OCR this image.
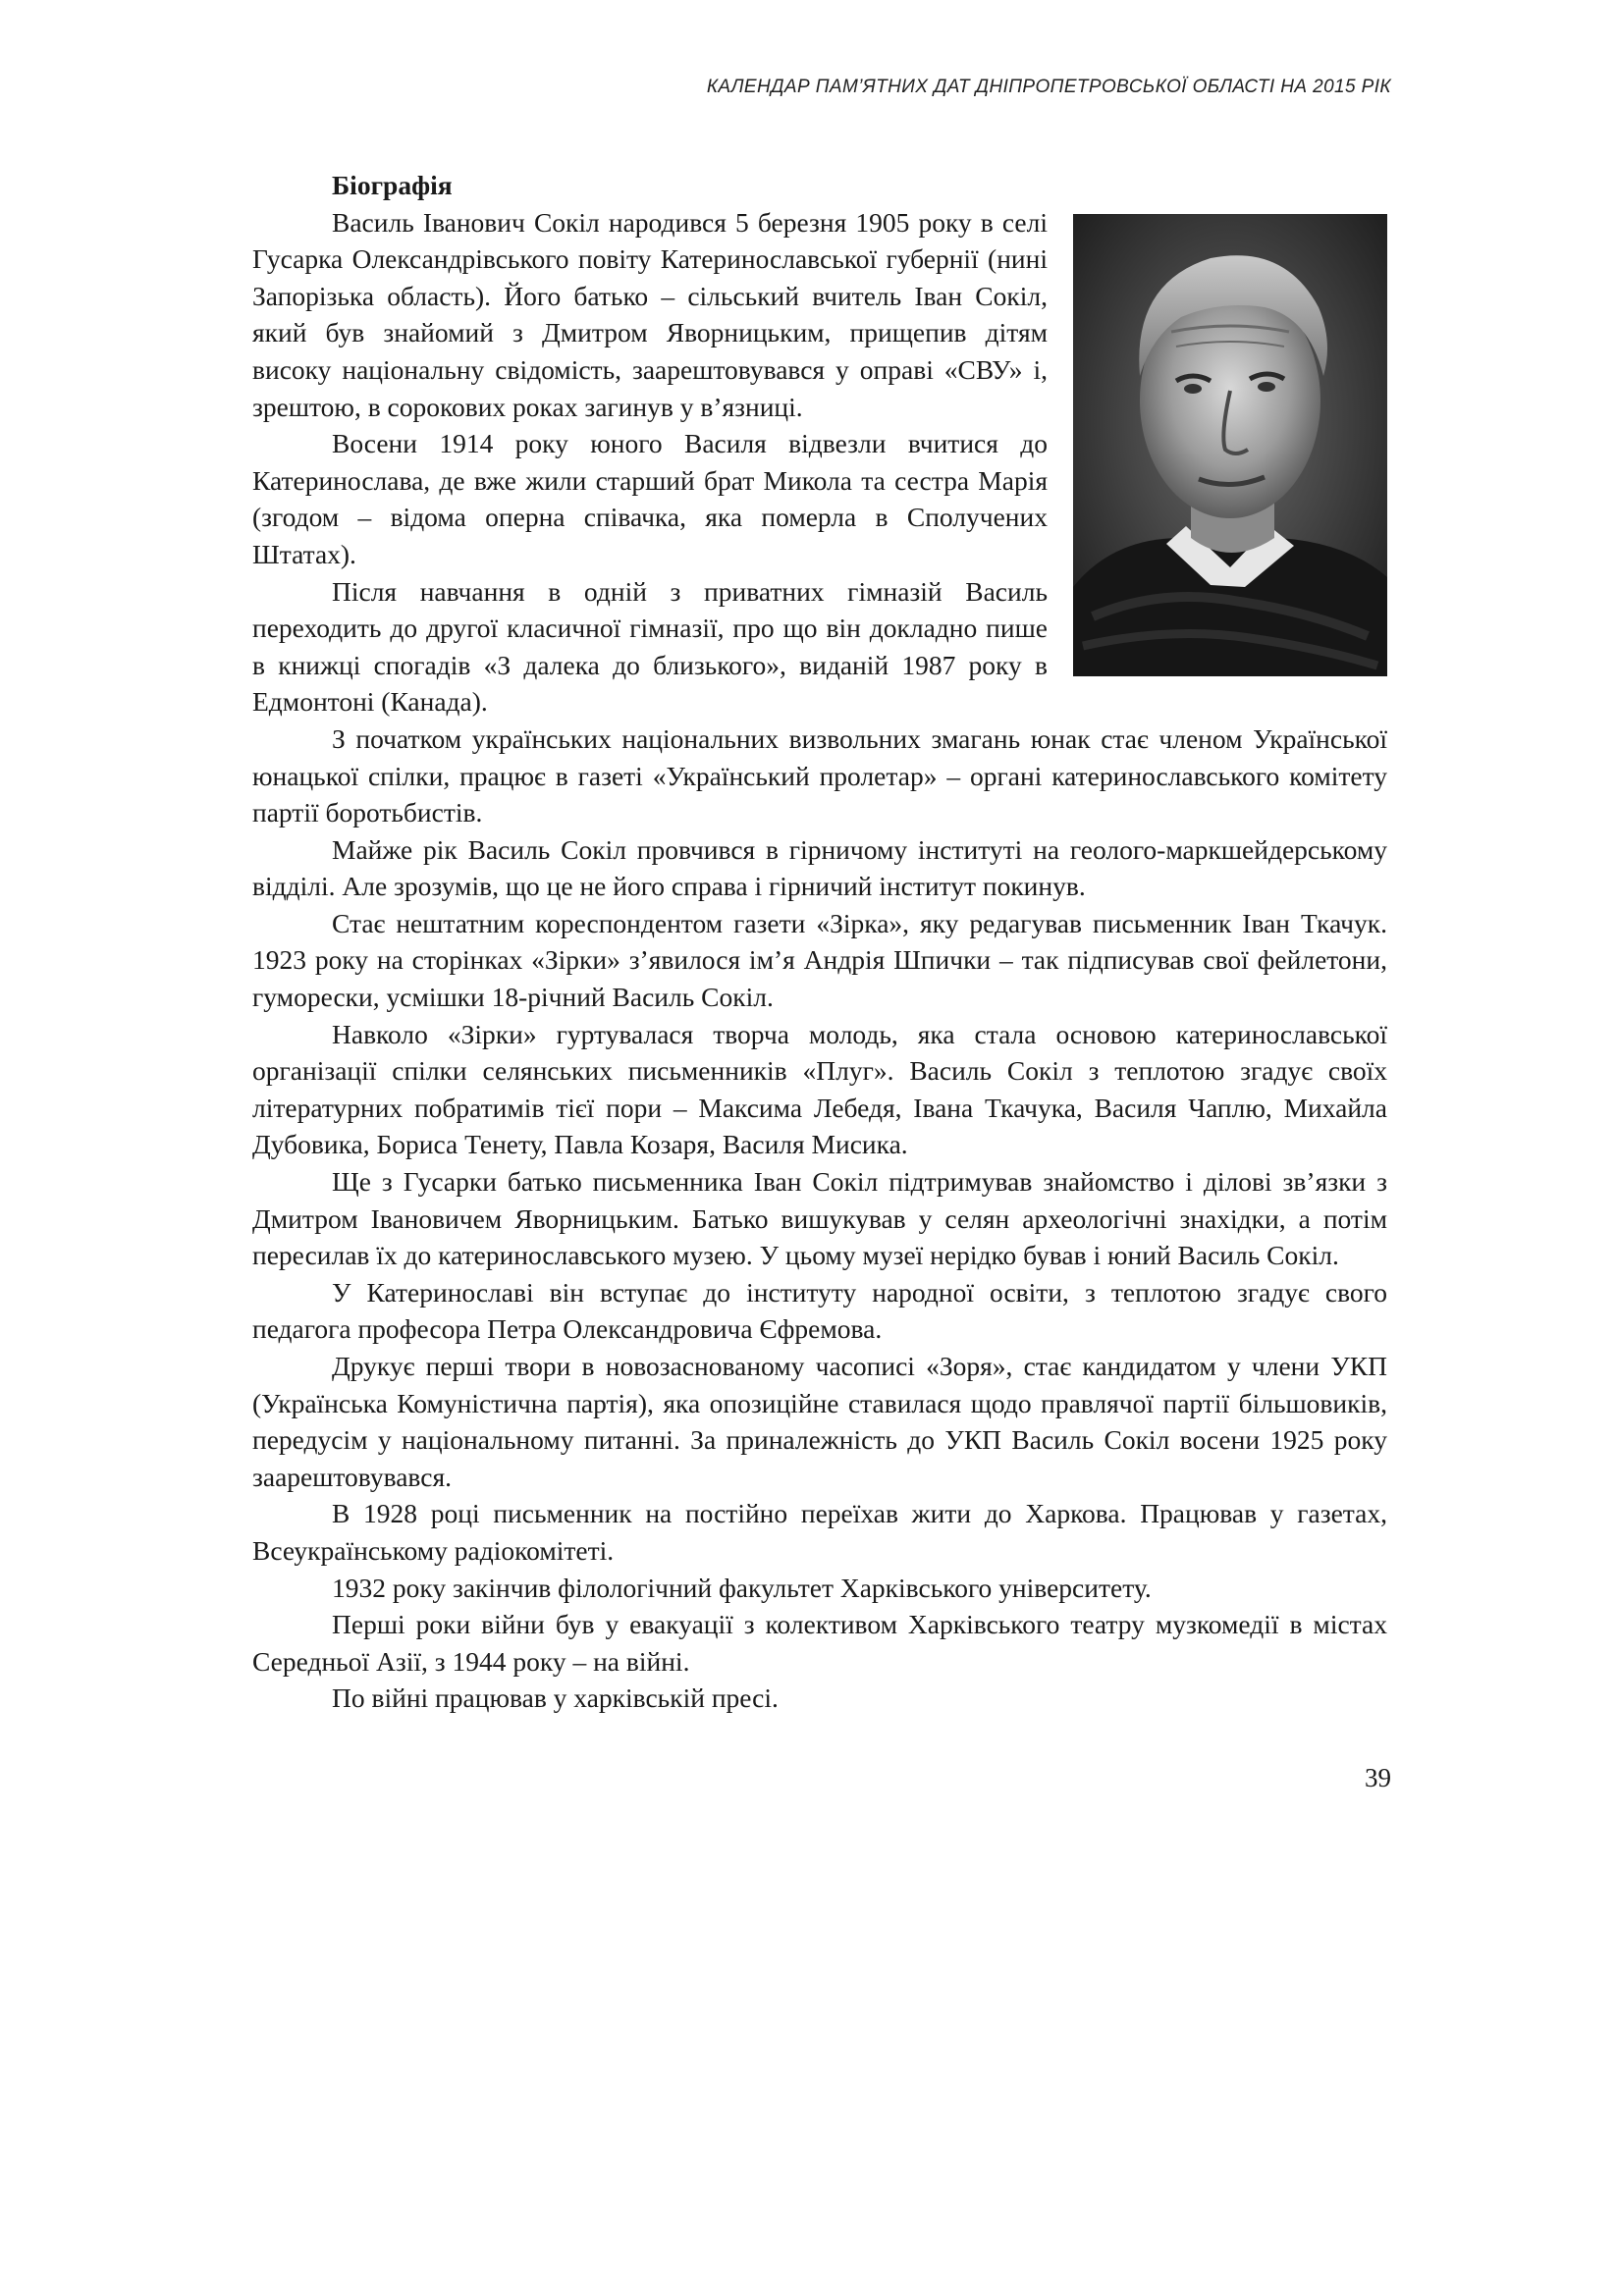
КАЛЕНДАР ПАМ’ЯТНИХ ДАТ ДНІПРОПЕТРОВСЬКОЇ ОБЛАСТІ НА 2015 РІК
Біографія

Василь Іванович Сокіл народився 5 березня 1905 року в селі Гусарка Олександрівського повіту Катеринославської губернії (нині Запорізька область). Його батько – сільський вчитель Іван Сокіл, який був знайомий з Дмитром Яворницьким, прищепив дітям високу національну свідомість, заарештовувався у оправі «СВУ» і, зрештою, в сорокових роках загинув у в’язниці.

Восени 1914 року юного Василя відвезли вчитися до Катеринослава, де вже жили старший брат Микола та сестра Марія (згодом – відома оперна співачка, яка померла в Сполучених Штатах).

Після навчання в одній з приватних гімназій Василь переходить до другої класичної гімназії, про що він докладно пише в книжці спогадів «З далека до близького», виданій 1987 року в Едмонтоні (Канада).

З початком українських національних визвольних змагань юнак стає членом Української юнацької спілки, працює в газеті «Український пролетар» – органі катеринославського комітету партії боротьбистів.

Майже рік Василь Сокіл провчився в гірничому інституті на геолого-маркшейдерському відділі. Але зрозумів, що це не його справа і гірничий інститут покинув.

Стає нештатним кореспондентом газети «Зірка», яку редагував письменник Іван Ткачук. 1923 року на сторінках «Зірки» з’явилося ім’я Андрія Шпички – так підписував свої фейлетони, гуморески, усмішки 18-річний Василь Сокіл.

Навколо «Зірки» гуртувалася творча молодь, яка стала основою катеринославської організації спілки селянських письменників «Плуг». Василь Сокіл з теплотою згадує своїх літературних побратимів тієї пори – Максима Лебедя, Івана Ткачука, Василя Чаплю, Михайла Дубовика, Бориса Тенету, Павла Козаря, Василя Мисика.

Ще з Гусарки батько письменника Іван Сокіл підтримував знайомство і ділові зв’язки з Дмитром Івановичем Яворницьким. Батько вишукував у селян археологічні знахідки, а потім пересилав їх до катеринославського музею. У цьому музеї нерідко бував і юний Василь Сокіл.

У Катеринославі він вступає до інституту народної освіти, з теплотою згадує свого педагога професора Петра Олександровича Єфремова.

Друкує перші твори в новозаснованому часописі «Зоря», стає кандидатом у члени УКП (Українська Комуністична партія), яка опозиційне ставилася щодо правлячої партії більшовиків, передусім у національному питанні. За приналежність до УКП Василь Сокіл восени 1925 року заарештовувався.

В 1928 році письменник на постійно переїхав жити до Харкова. Працював у газетах, Всеукраїнському радіокомітеті.

1932 року закінчив філологічний факультет Харківського університету.

Перші роки війни був у евакуації з колективом Харківського театру музкомедії в містах Середньої Азії, з 1944 року – на війні.

По війні працював у харківській пресі.

39
